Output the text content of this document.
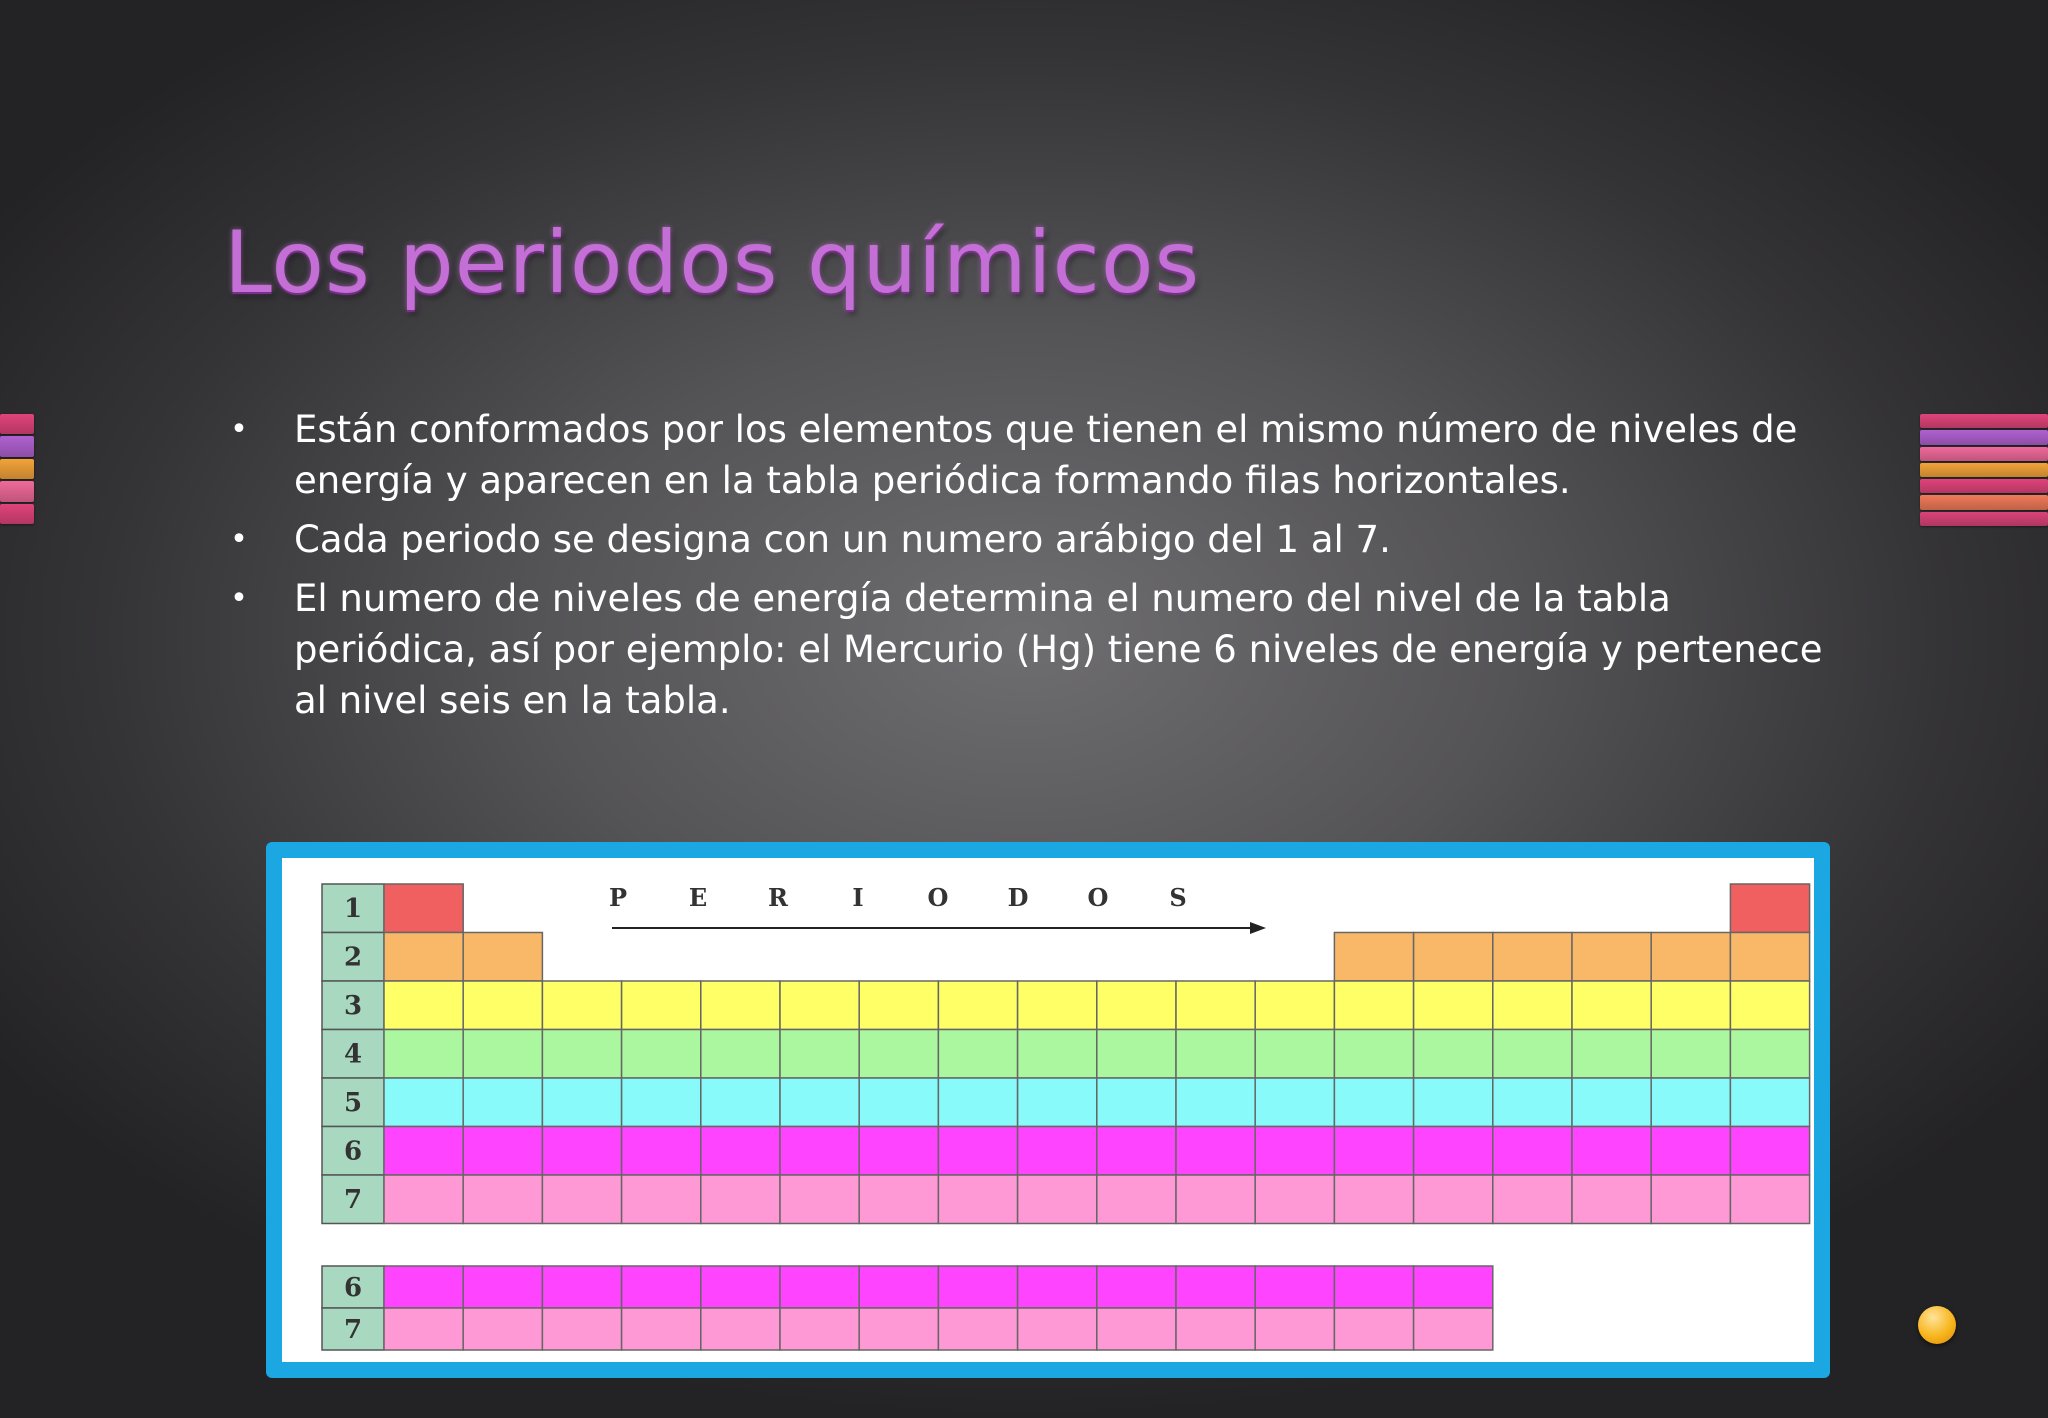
Los periodos químicos
• Están conformados por los elementos que tienen el mismo número de niveles de energía y aparecen en la tabla periódica formando filas horizontales.
• Cada periodo se designa con un numero arábigo del 1 al 7.
• El numero de niveles de energía determina el numero del nivel de la tabla periódica, así por ejemplo: el Mercurio (Hg) tiene 6 niveles de energía y pertenece al nivel seis en la tabla.
P	E	R	I	O D O	S
1
2
3
4
5
6
7
6
7
